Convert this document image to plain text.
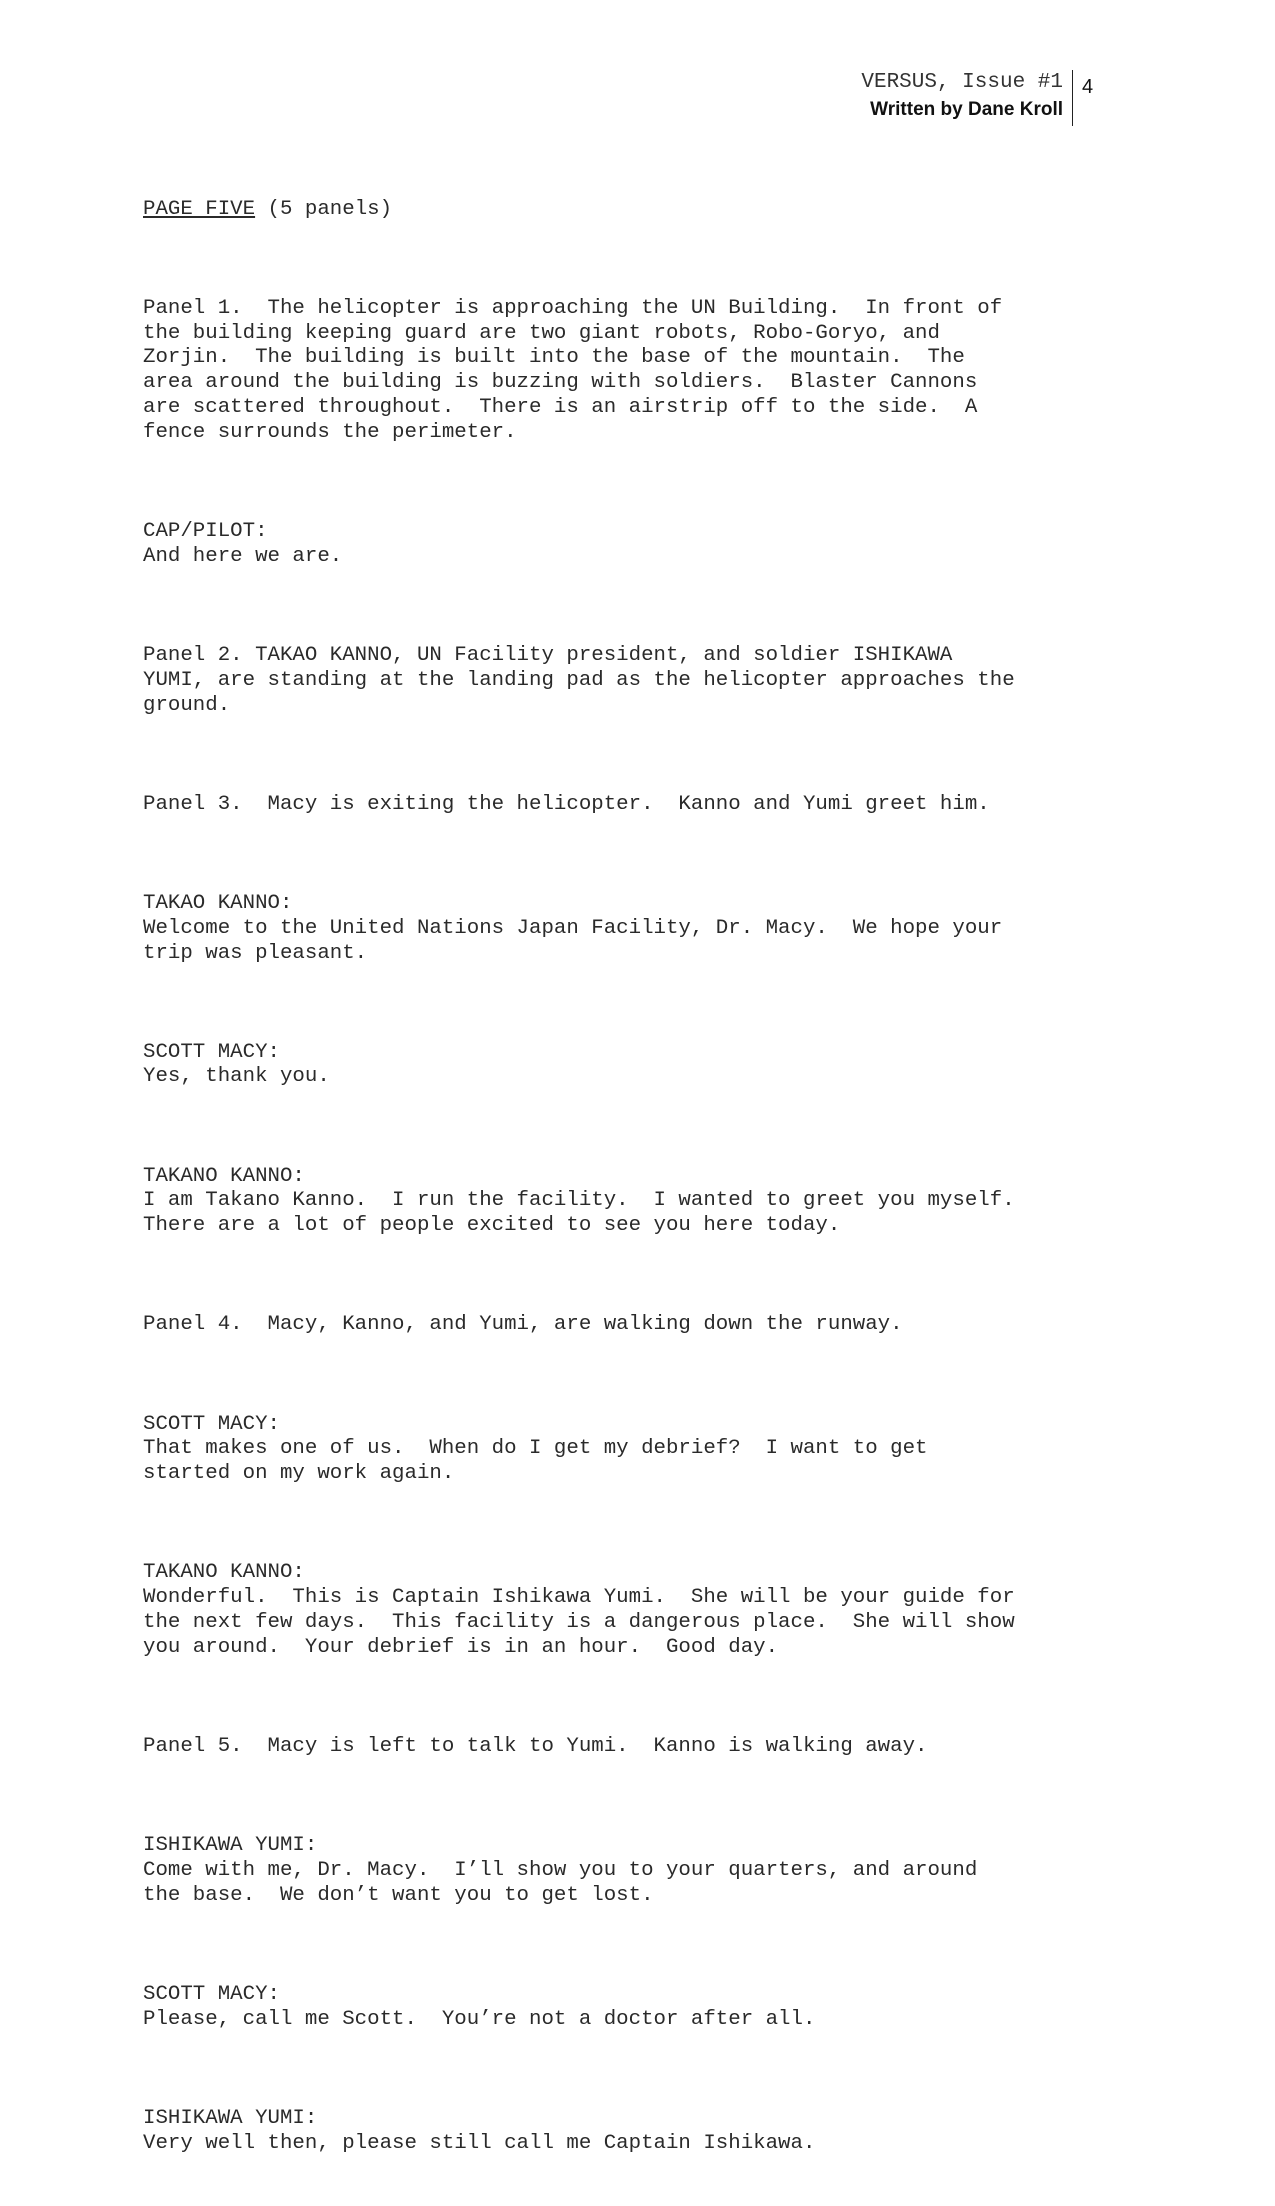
VERSUS, Issue #1
Written by Dane Kroll
4

PAGE FIVE (5 panels)

Panel 1.  The helicopter is approaching the UN Building.  In front of
the building keeping guard are two giant robots, Robo-Goryo, and
Zorjin.  The building is built into the base of the mountain.  The
area around the building is buzzing with soldiers.  Blaster Cannons
are scattered throughout.  There is an airstrip off to the side.  A
fence surrounds the perimeter.

CAP/PILOT:
And here we are.

Panel 2. TAKAO KANNO, UN Facility president, and soldier ISHIKAWA
YUMI, are standing at the landing pad as the helicopter approaches the
ground.

Panel 3.  Macy is exiting the helicopter.  Kanno and Yumi greet him.

TAKAO KANNO:
Welcome to the United Nations Japan Facility, Dr. Macy.  We hope your
trip was pleasant.

SCOTT MACY:
Yes, thank you.

TAKANO KANNO:
I am Takano Kanno.  I run the facility.  I wanted to greet you myself.
There are a lot of people excited to see you here today.

Panel 4.  Macy, Kanno, and Yumi, are walking down the runway.

SCOTT MACY:
That makes one of us.  When do I get my debrief?  I want to get
started on my work again.

TAKANO KANNO:
Wonderful.  This is Captain Ishikawa Yumi.  She will be your guide for
the next few days.  This facility is a dangerous place.  She will show
you around.  Your debrief is in an hour.  Good day.

Panel 5.  Macy is left to talk to Yumi.  Kanno is walking away.

ISHIKAWA YUMI:
Come with me, Dr. Macy.  I’ll show you to your quarters, and around
the base.  We don’t want you to get lost.

SCOTT MACY:
Please, call me Scott.  You’re not a doctor after all.

ISHIKAWA YUMI:
Very well then, please still call me Captain Ishikawa.
